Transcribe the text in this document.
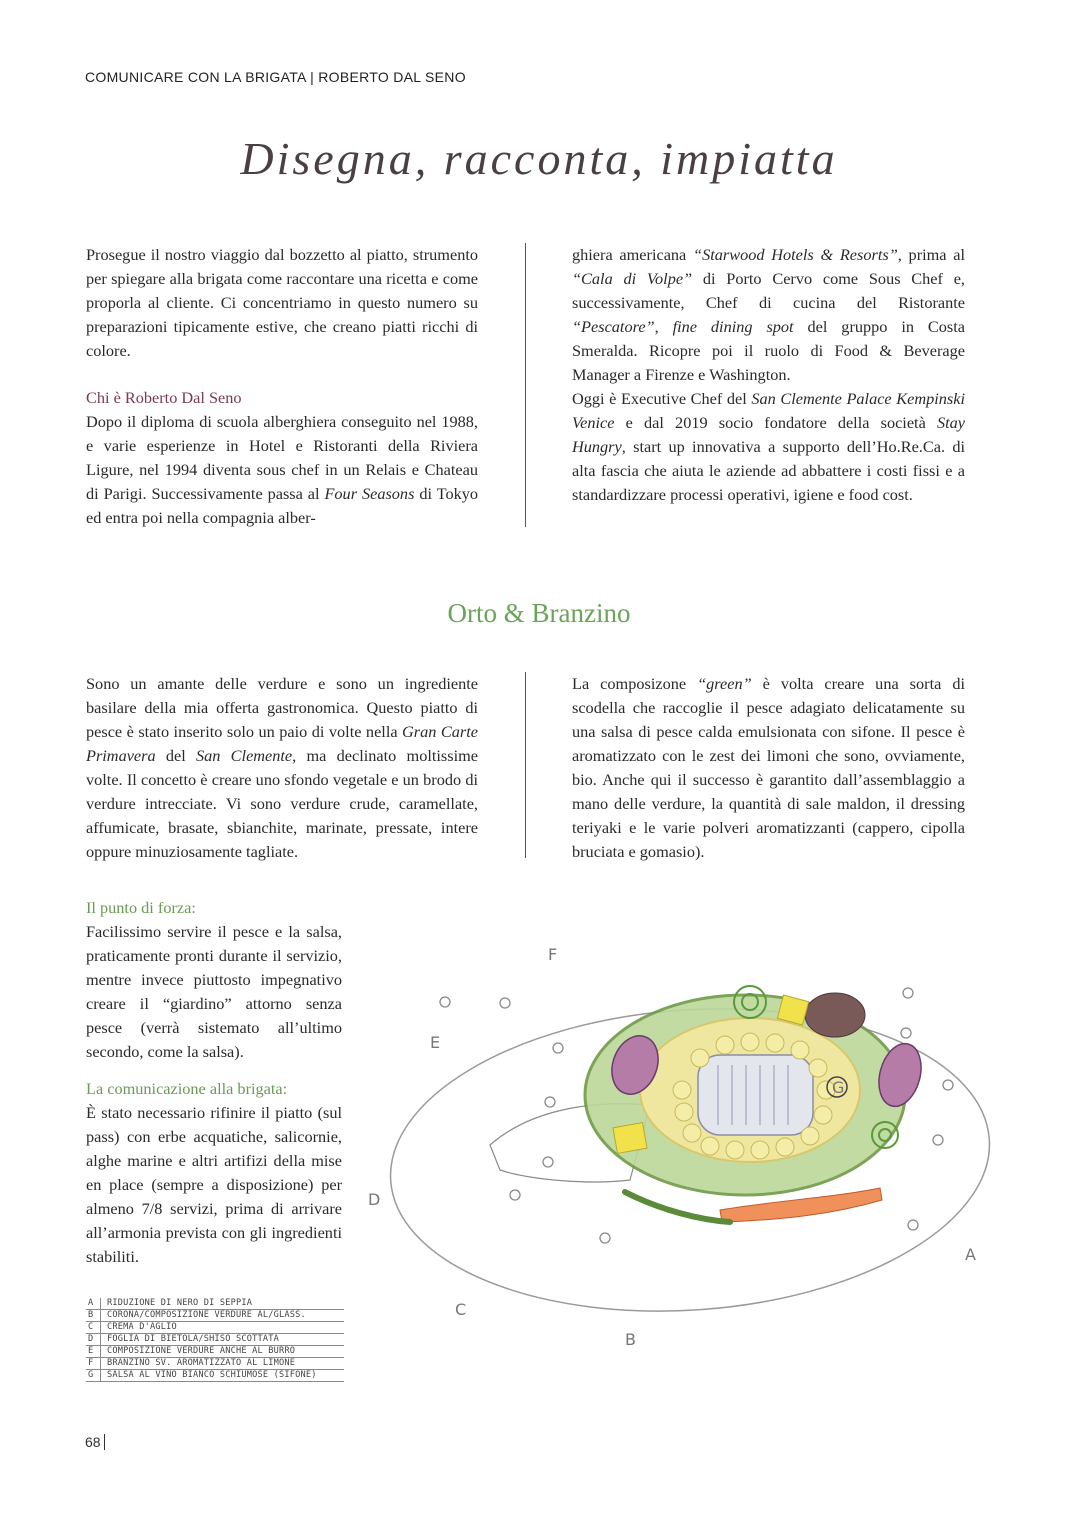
COMUNICARE CON LA BRIGATA | ROBERTO DAL SENO
Disegna, racconta, impiatta

Prosegue il nostro viaggio dal bozzetto al piatto, strumento per spiegare alla brigata come raccontare una ricetta e come proporla al cliente. Ci concentriamo in questo numero su preparazioni tipicamente estive, che creano piatti ricchi di colore.

Chi è Roberto Dal Seno

Dopo il diploma di scuola alberghiera conseguito nel 1988, e varie esperienze in Hotel e Ristoranti della Riviera Ligure, nel 1994 diventa sous chef in un Relais e Chateau di Parigi. Successivamente passa al Four Seasons di Tokyo ed entra poi nella compagnia alber-

ghiera americana “Starwood Hotels & Resorts”, prima al “Cala di Volpe” di Porto Cervo come Sous Chef e, successivamente, Chef di cucina del Ristorante “Pescatore”, fine dining spot del gruppo in Costa Smeralda. Ricopre poi il ruolo di Food & Beverage Manager a Firenze e Washington.

Oggi è Executive Chef del San Clemente Palace Kempinski Venice e dal 2019 socio fondatore della società Stay Hungry, start up innovativa a supporto dell’Ho.Re.Ca. di alta fascia che aiuta le aziende ad abbattere i costi fissi e a standardizzare processi operativi, igiene e food cost.

Orto & Branzino

Sono un amante delle verdure e sono un ingrediente basilare della mia offerta gastronomica. Questo piatto di pesce è stato inserito solo un paio di volte nella Gran Carte Primavera del San Clemente, ma declinato moltissime volte. Il concetto è creare uno sfondo vegetale e un brodo di verdure intrecciate. Vi sono verdure crude, caramellate, affumicate, brasate, sbianchite, marinate, pressate, intere oppure minuziosamente tagliate.

La composizone “green” è volta creare una sorta di scodella che raccoglie il pesce adagiato delicatamente su una salsa di pesce calda emulsionata con sifone. Il pesce è aromatizzato con le zest dei limoni che sono, ovviamente, bio. Anche qui il successo è garantito dall’assemblaggio a mano delle verdure, la quantità di sale maldon, il dressing teriyaki e le varie polveri aromatizzanti (cappero, cipolla bruciata e gomasio).

Il punto di forza:

Facilissimo servire il pesce e la salsa, praticamente pronti durante il servizio, mentre invece piuttosto impegnativo creare il “giardino” attorno senza pesce (verrà sistemato all’ultimo secondo, come la salsa).

La comunicazione alla brigata:

È stato necessario rifinire il piatto (sul pass) con erbe acquatiche, salicornie, alghe marine e altri artifizi della mise en place (sempre a disposizione) per almeno 7/8 servizi, prima di arrivare all’armonia prevista con gli ingredienti stabiliti.

F
E
D
C
B
A
G
A	RIDUZIONE DI NERO DI SEPPIA
B	CORONA/COMPOSIZIONE VERDURE AL/GLASS.
C	CREMA D'AGLIO
D	FOGLIA DI BIETOLA/SHISO SCOTTATA
E	COMPOSIZIONE VERDURE ANCHE AL BURRO
F	BRANZINO SV. AROMATIZZATO AL LIMONE
G	SALSA AL VINO BIANCO SCHIUMOSE (SIFONE)
68
